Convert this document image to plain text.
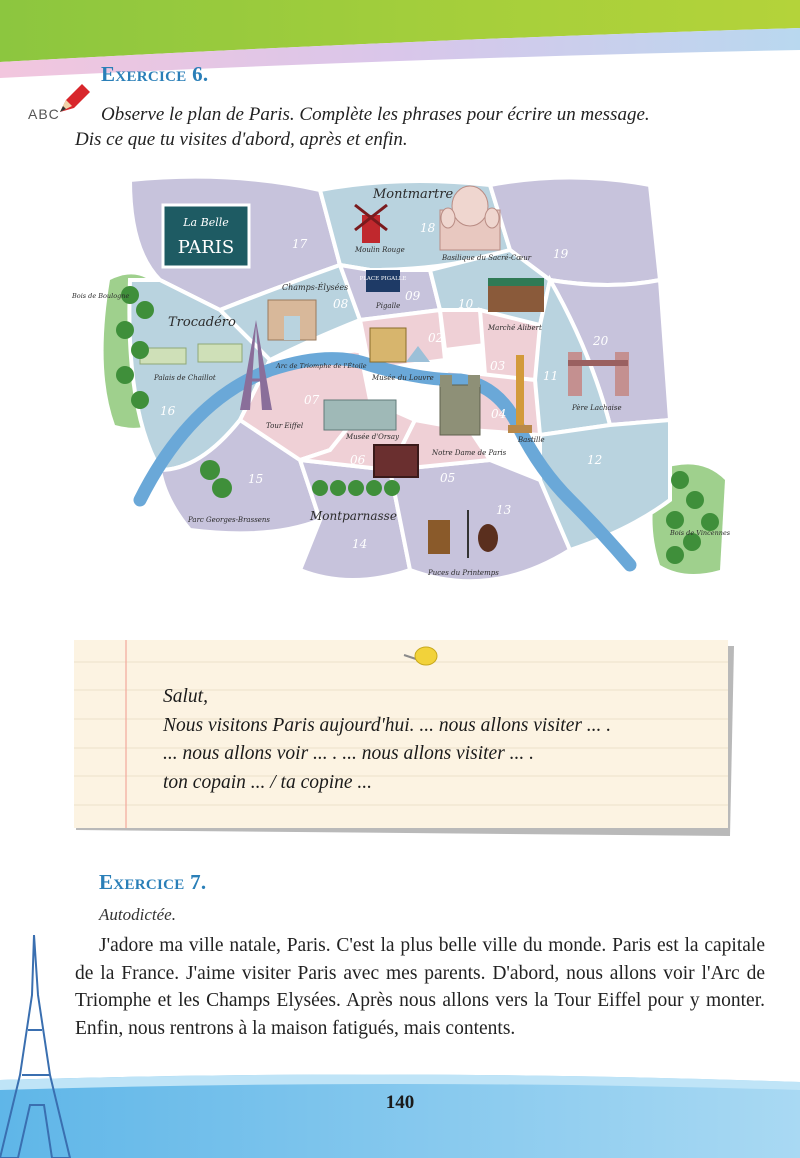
Exercice 6.
ABC	Observe le plan de Paris. Complète les phrases pour écrire un message.
Dis ce que tu visites d'abord, après et enfin.
17
18
19
08
09
10
01
02
03
11
20
16
07
04
06
05
12
15
14
13
La Belle
PARIS
PLACE PIGALLE
Montmartre
Moulin Rouge
Basilique du Sacré-Cœur
Champs-Élysées
Pigalle
Marché Alibert
Bois de Boulogne
Trocadéro
Palais de Chaillot
Arc de Triomphe de l'Étoile
Musée du Louvre
Père Lachaise
Tour Eiffel
Musée d'Orsay
Notre Dame de Paris
Bastille
Parc Georges-Brassens	Montparnasse
Puces du Printemps
Bois de Vincennes
Salut,
Nous visitons Paris aujourd'hui. ... nous allons visiter ... .
... nous allons voir ... . ... nous allons visiter ... .
ton copain ... / ta copine ...
Exercice 7.
Autodictée.

J'adore ma ville natale, Paris. C'est la plus belle ville du monde. Paris est la capitale de la France. J'aime visiter Paris avec mes parents. D'abord, nous allons voir l'Arc de Triomphe et les Champs Elysées. Après nous allons vers la Tour Eiffel pour y monter. Enfin, nous rentrons à la maison fatigués, mais contents.

140
